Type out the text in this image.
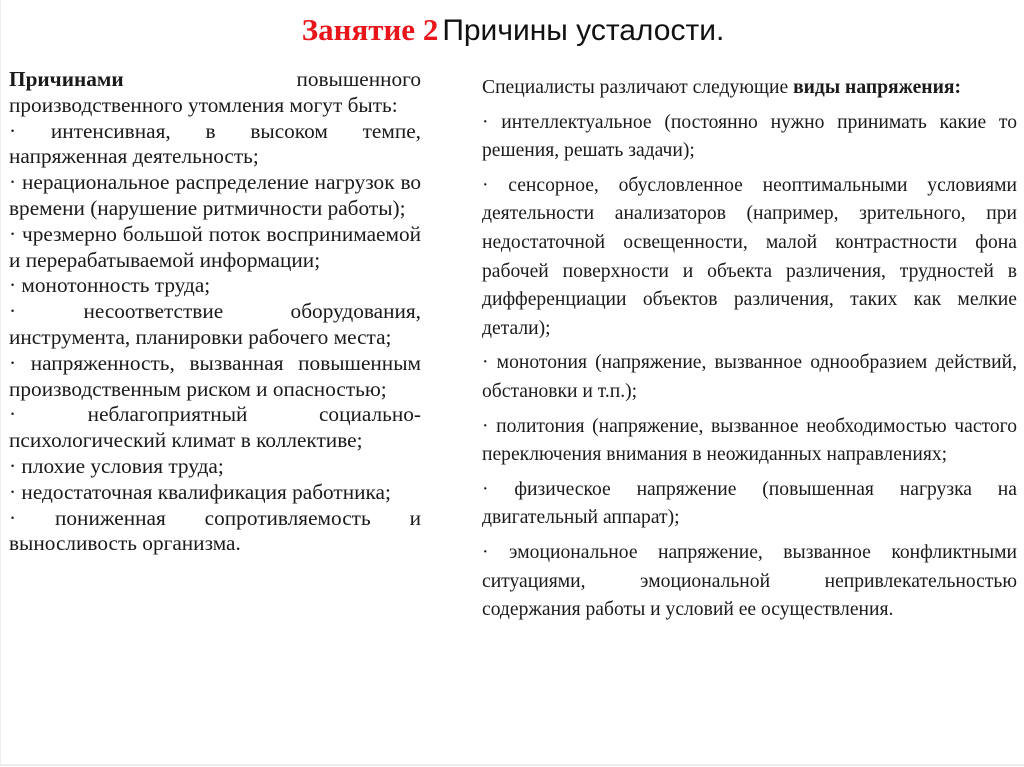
Занятие 2 Причины усталости.

Причинами	повышенного производственного утомления могут быть:

· интенсивная, в высоком темпе, напряженная деятельность;

· нерациональное распределение нагрузок во времени (нарушение ритмичности работы);

· чрезмерно большой поток воспринимаемой и перерабатываемой информации;

· монотонность труда;

· несоответствие оборудования, инструмента, планировки рабочего места;

· напряженность, вызванная повышенным производственным риском и опасностью;

· неблагоприятный социально-психологический климат в коллективе;

· плохие условия труда;

· недостаточная квалификация работника;

· пониженная сопротивляемость и выносливость организма.

Специалисты различают следующие виды напряжения:

· интеллектуальное (постоянно нужно принимать какие то решения, решать задачи);

· сенсорное, обусловленное неоптимальными условиями деятельности анализаторов (например, зрительного, при недостаточной освещенности, малой контрастности фона рабочей поверхности и объекта различения, трудностей в дифференциации объектов различения, таких как мелкие детали);

· монотония (напряжение, вызванное однообразием действий, обстановки и т.п.);

· политония (напряжение, вызванное необходимостью частого переключения внимания в неожиданных направлениях;

· физическое напряжение (повышенная нагрузка на двигательный аппарат);

· эмоциональное напряжение, вызванное конфликтными ситуациями, эмоциональной непривлекательностью содержания работы и условий ее осуществления.
